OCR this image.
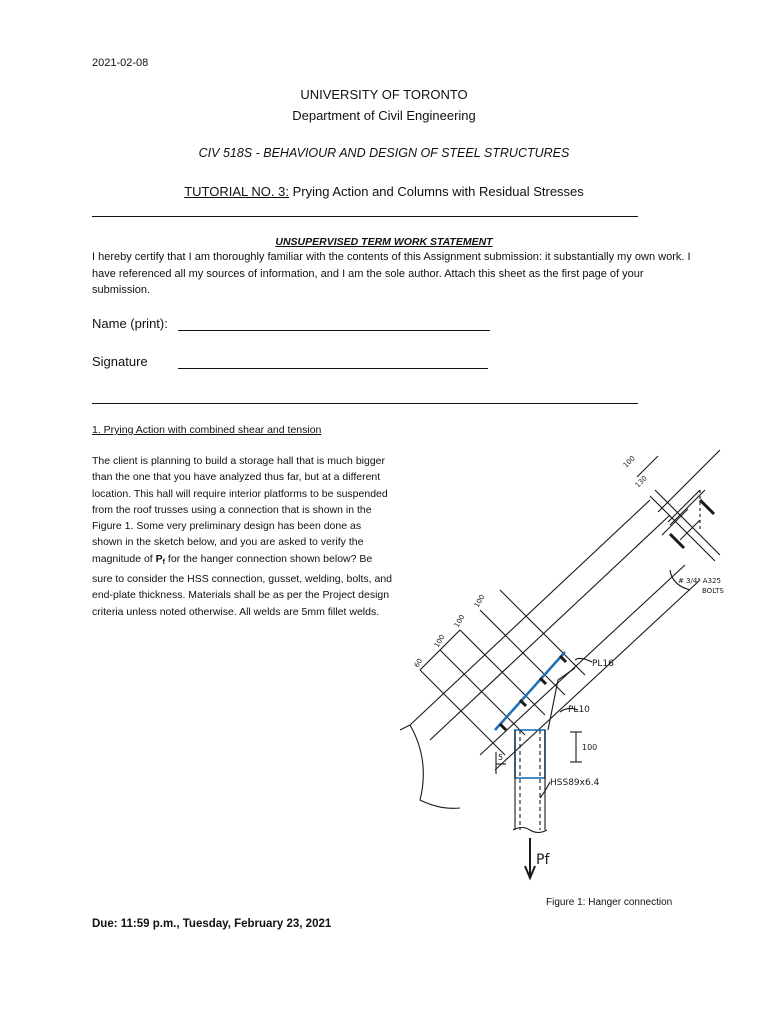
2021-02-08
UNIVERSITY OF TORONTO
Department of Civil Engineering
CIV 518S - BEHAVIOUR AND DESIGN OF STEEL STRUCTURES
TUTORIAL NO. 3: Prying Action and Columns with Residual Stresses
UNSUPERVISED TERM WORK STATEMENT
I hereby certify that I am thoroughly familiar with the contents of this Assignment submission: it substantially my own work. I have referenced all my sources of information, and I am the sole author. Attach this sheet as the first page of your submission.
Name (print):
Signature
1. Prying Action with combined shear and tension
The client is planning to build a storage hall that is much bigger than the one that you have analyzed thus far, but at a different location. This hall will require interior platforms to be suspended from the roof trusses using a connection that is shown in the Figure 1. Some very preliminary design has been done as shown in the sketch below, and you are asked to verify the magnitude of $P_f$ for the hanger connection shown below? Be sure to consider the HSS connection, gusset, welding, bolts, and end-plate thickness. Materials shall be as per the Project design criteria unless noted otherwise. All welds are 5mm fillet welds.
100
130
# 3/4" A325
BOLTS
60
100
100
100
PL16
PL10
100
5
HSS89x6.4
Pf
Figure 1: Hanger connection
Due: 11:59 p.m., Tuesday, February 23, 2021
